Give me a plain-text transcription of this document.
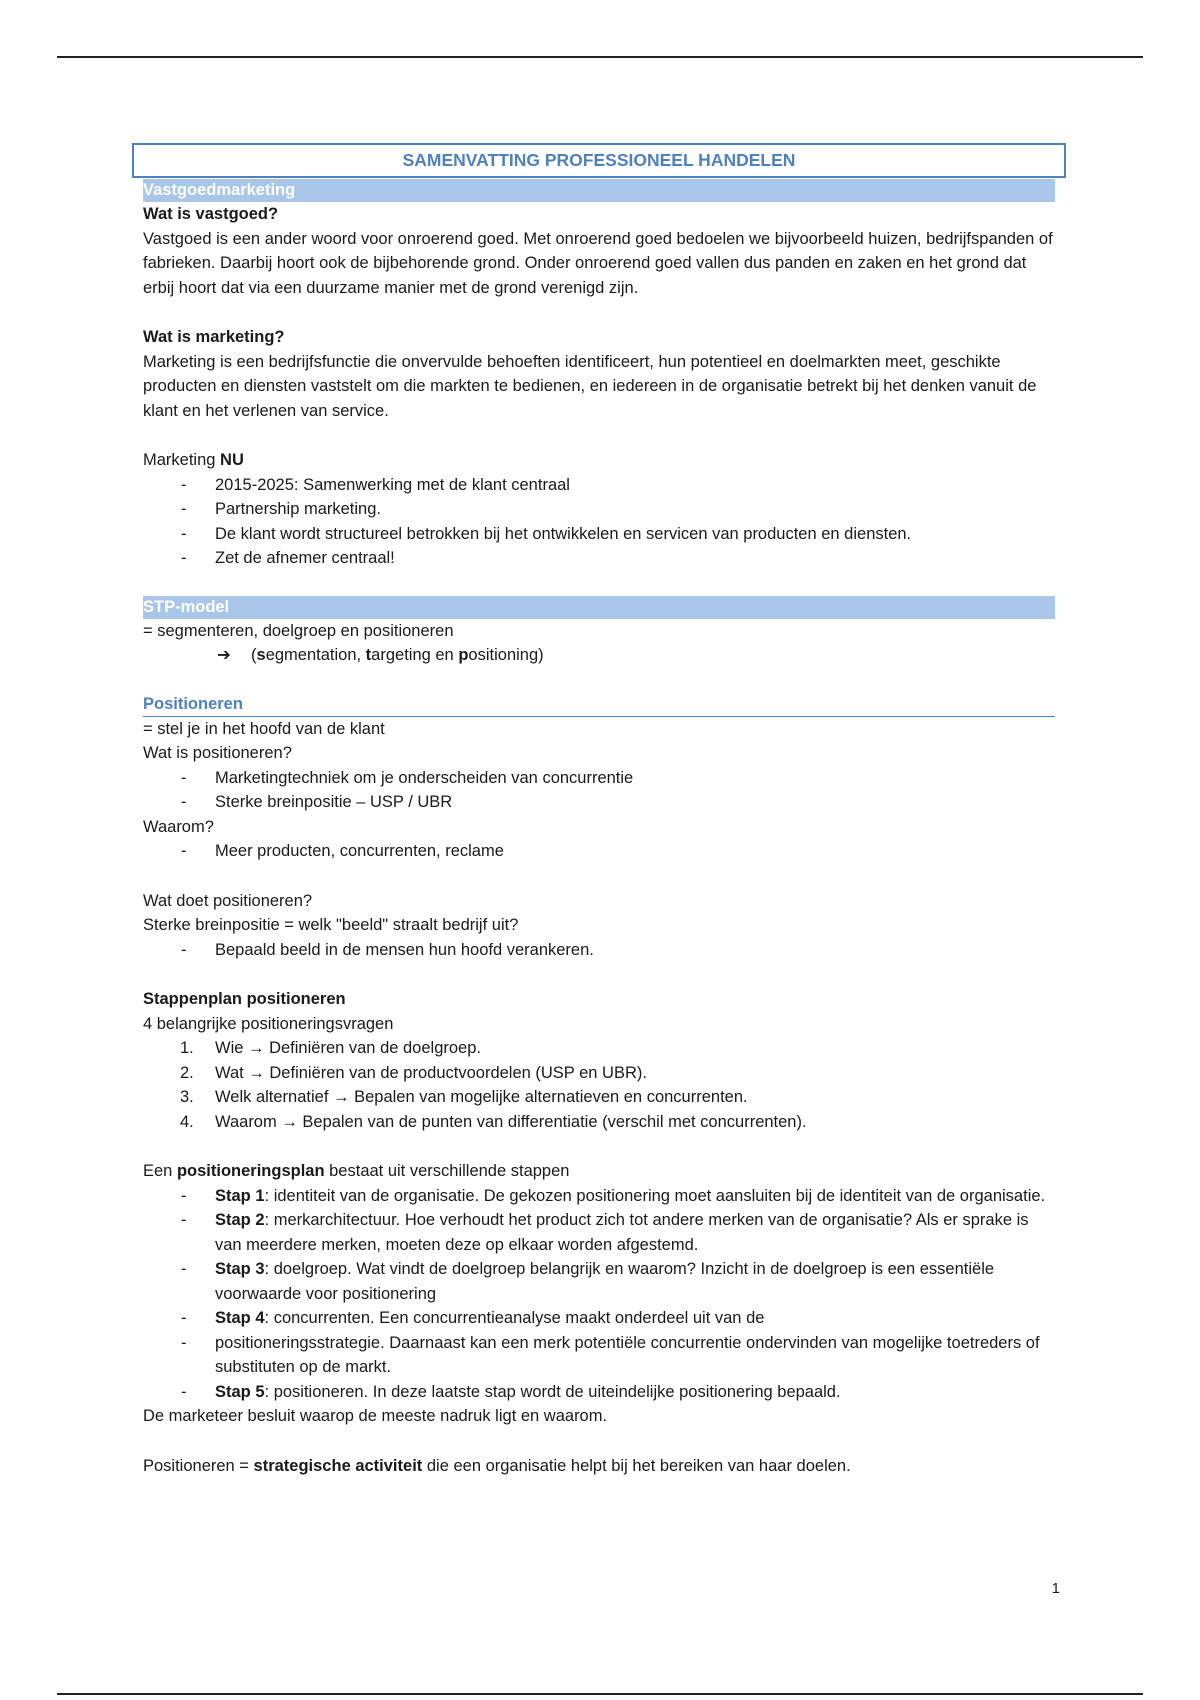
SAMENVATTING PROFESSIONEEL HANDELEN
Vastgoedmarketing

Wat is vastgoed?

Vastgoed is een ander woord voor onroerend goed. Met onroerend goed bedoelen we bijvoorbeeld huizen, bedrijfspanden of fabrieken. Daarbij hoort ook de bijbehorende grond. Onder onroerend goed vallen dus panden en zaken en het grond dat erbij hoort dat via een duurzame manier met de grond verenigd zijn.

Wat is marketing?

Marketing is een bedrijfsfunctie die onvervulde behoeften identificeert, hun potentieel en doelmarkten meet, geschikte producten en diensten vaststelt om die markten te bedienen, en iedereen in de organisatie betrekt bij het denken vanuit de klant en het verlenen van service.

Marketing NU

- 2015-2025: Samenwerking met de klant centraal
- Partnership marketing.
- De klant wordt structureel betrokken bij het ontwikkelen en servicen van producten en diensten.
- Zet de afnemer centraal!
STP-model

= segmenteren, doelgroep en positioneren

➔ (segmentation, targeting en positioning)
Positioneren

= stel je in het hoofd van de klant

Wat is positioneren?

- Marketingtechniek om je onderscheiden van concurrentie
- Sterke breinpositie – USP / UBR

Waarom?

- Meer producten, concurrenten, reclame

Wat doet positioneren?

Sterke breinpositie = welk "beeld" straalt bedrijf uit?

- Bepaald beeld in de mensen hun hoofd verankeren.

Stappenplan positioneren

4 belangrijke positioneringsvragen

1. Wie → Definiëren van de doelgroep.
2. Wat → Definiëren van de productvoordelen (USP en UBR).
3. Welk alternatief → Bepalen van mogelijke alternatieven en concurrenten.
4. Waarom → Bepalen van de punten van differentiatie (verschil met concurrenten).

Een positioneringsplan bestaat uit verschillende stappen

- Stap 1: identiteit van de organisatie. De gekozen positionering moet aansluiten bij de identiteit van de organisatie.
- Stap 2: merkarchitectuur. Hoe verhoudt het product zich tot andere merken van de organisatie? Als er sprake is van meerdere merken, moeten deze op elkaar worden afgestemd.
- Stap 3: doelgroep. Wat vindt de doelgroep belangrijk en waarom? Inzicht in de doelgroep is een essentiële voorwaarde voor positionering
- Stap 4: concurrenten. Een concurrentieanalyse maakt onderdeel uit van de
- positioneringsstrategie. Daarnaast kan een merk potentiële concurrentie ondervinden van mogelijke toetreders of substituten op de markt.
- Stap 5: positioneren. In deze laatste stap wordt de uiteindelijke positionering bepaald.

De marketeer besluit waarop de meeste nadruk ligt en waarom.

Positioneren = strategische activiteit die een organisatie helpt bij het bereiken van haar doelen.

1
